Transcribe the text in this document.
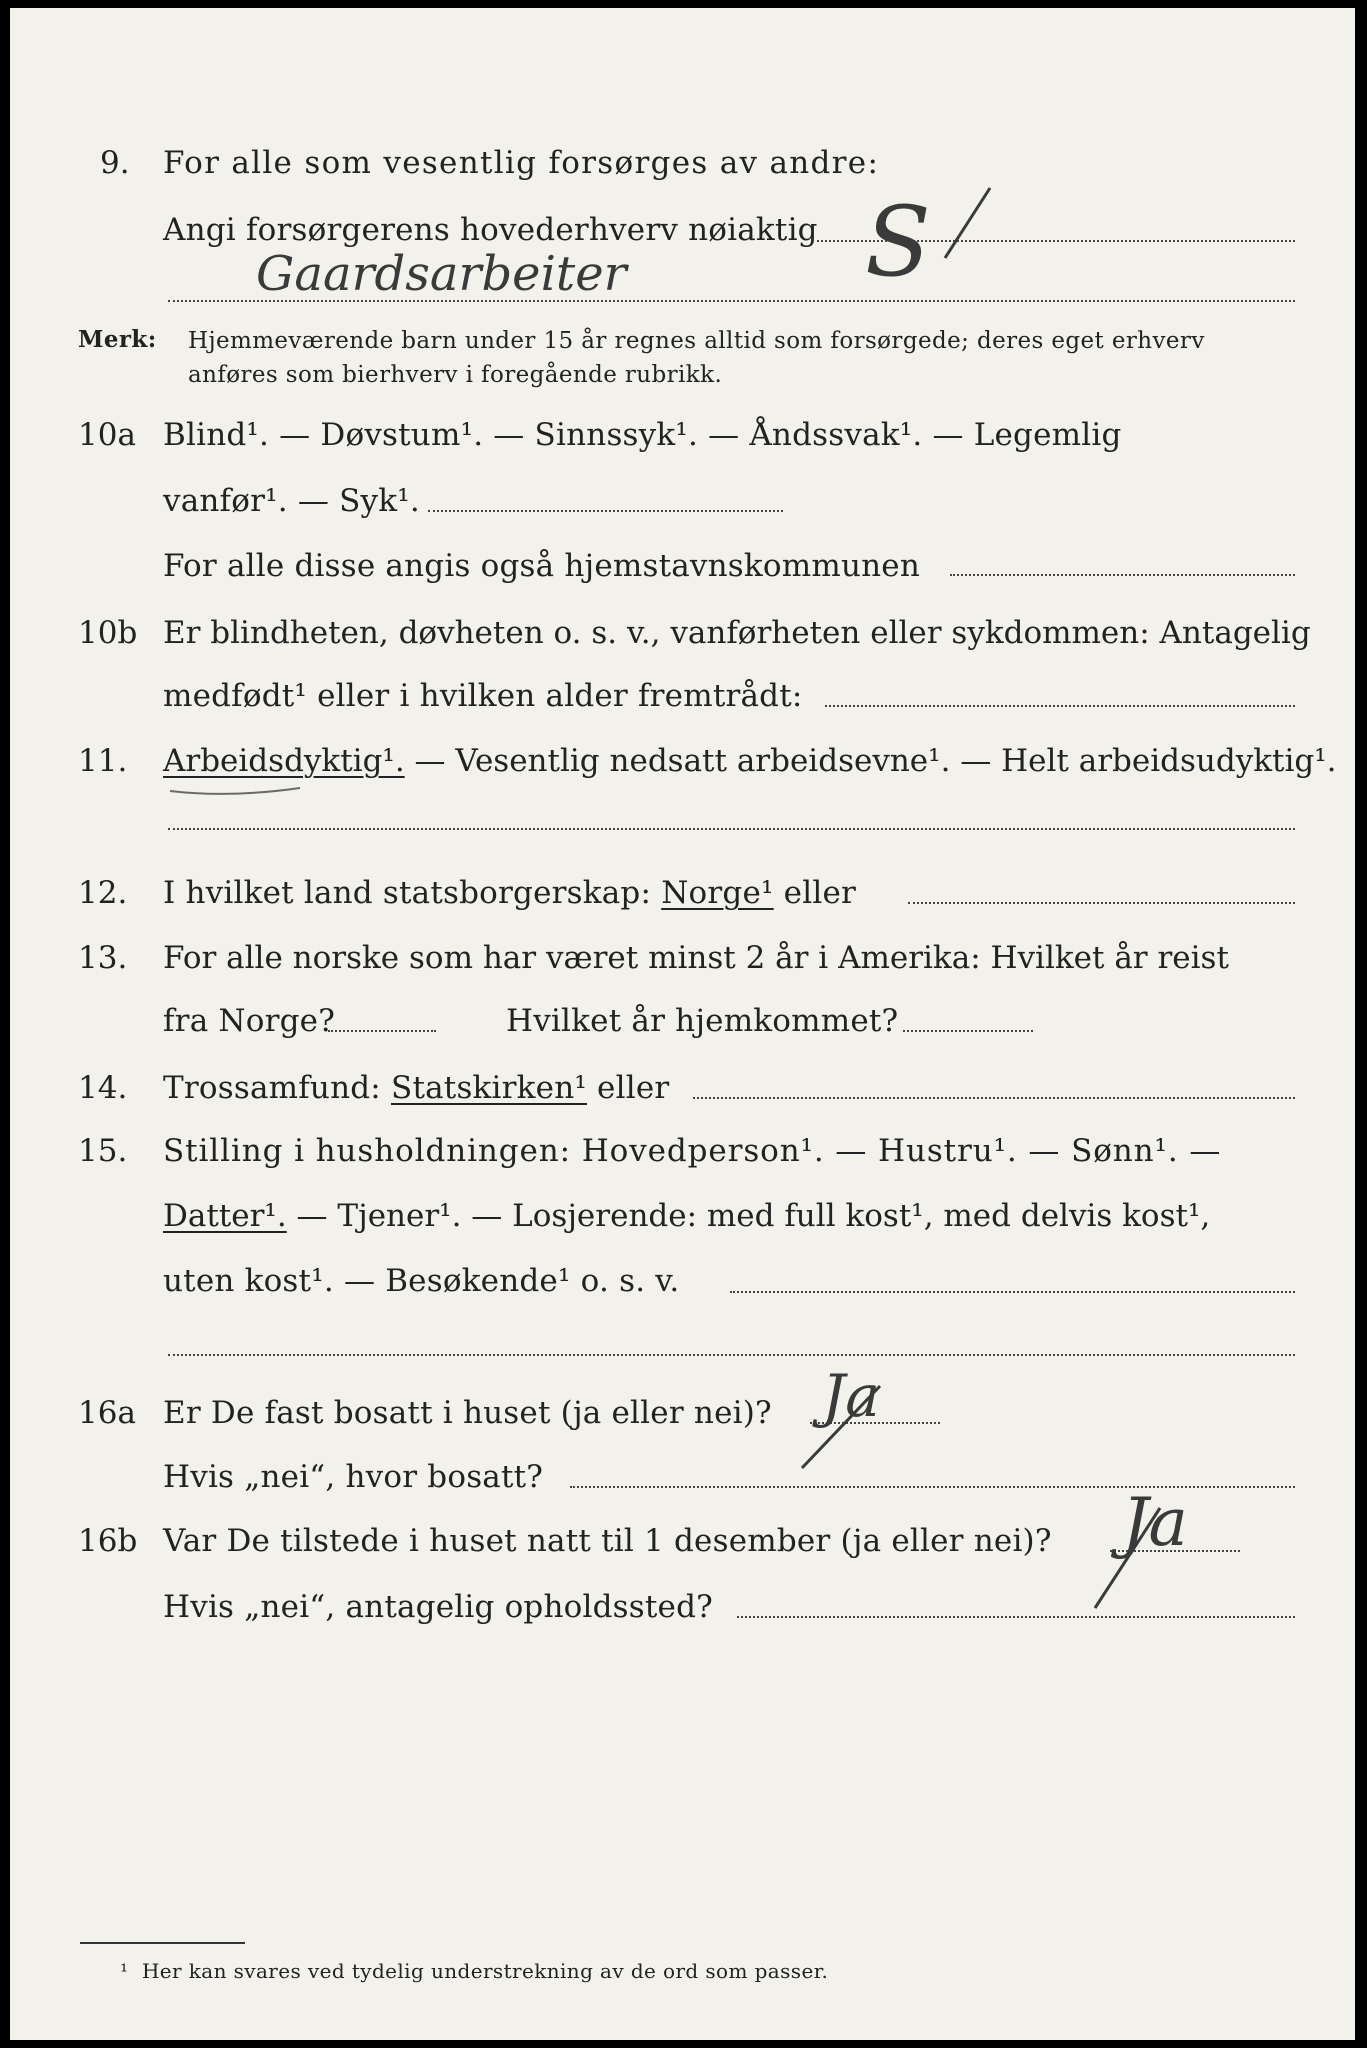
9. For alle som vesentlig forsørges av andre:
Angi forsørgerens hovederhverv nøiaktig
Gaardsarbeiter S
Merk: Hjemmeværende barn under 15 år regnes alltid som forsørgede; deres eget erhverv
anføres som bierhverv i foregående rubrikk.
10a Blind¹. — Døvstum¹. — Sinnssyk¹. — Åndssvak¹. — Legemlig
vanfør¹. — Syk¹.
For alle disse angis også hjemstavnskommunen
10b Er blindheten, døvheten o. s. v., vanførheten eller sykdommen: Antagelig
medfødt¹ eller i hvilken alder fremtrådt:
11. Arbeidsdyktig¹. — Vesentlig nedsatt arbeidsevne¹. — Helt arbeidsudyktig¹.
12. I hvilket land statsborgerskap: Norge¹ eller
13. For alle norske som har været minst 2 år i Amerika: Hvilket år reist
fra Norge?	Hvilket år hjemkommet?
14. Trossamfund: Statskirken¹ eller
15. Stilling i husholdningen: Hovedperson¹. — Hustru¹. — Sønn¹. —
Datter¹. — Tjener¹. — Losjerende: med full kost¹, med delvis kost¹,
uten kost¹. — Besøkende¹ o. s. v.
16a Er De fast bosatt i huset (ja eller nei)? Ja
Hvis „nei“, hvor bosatt?
16b Var De tilstede i huset natt til 1 desember (ja eller nei)? Ja
Hvis „nei“, antagelig opholdssted?
¹ Her kan svares ved tydelig understrekning av de ord som passer.
